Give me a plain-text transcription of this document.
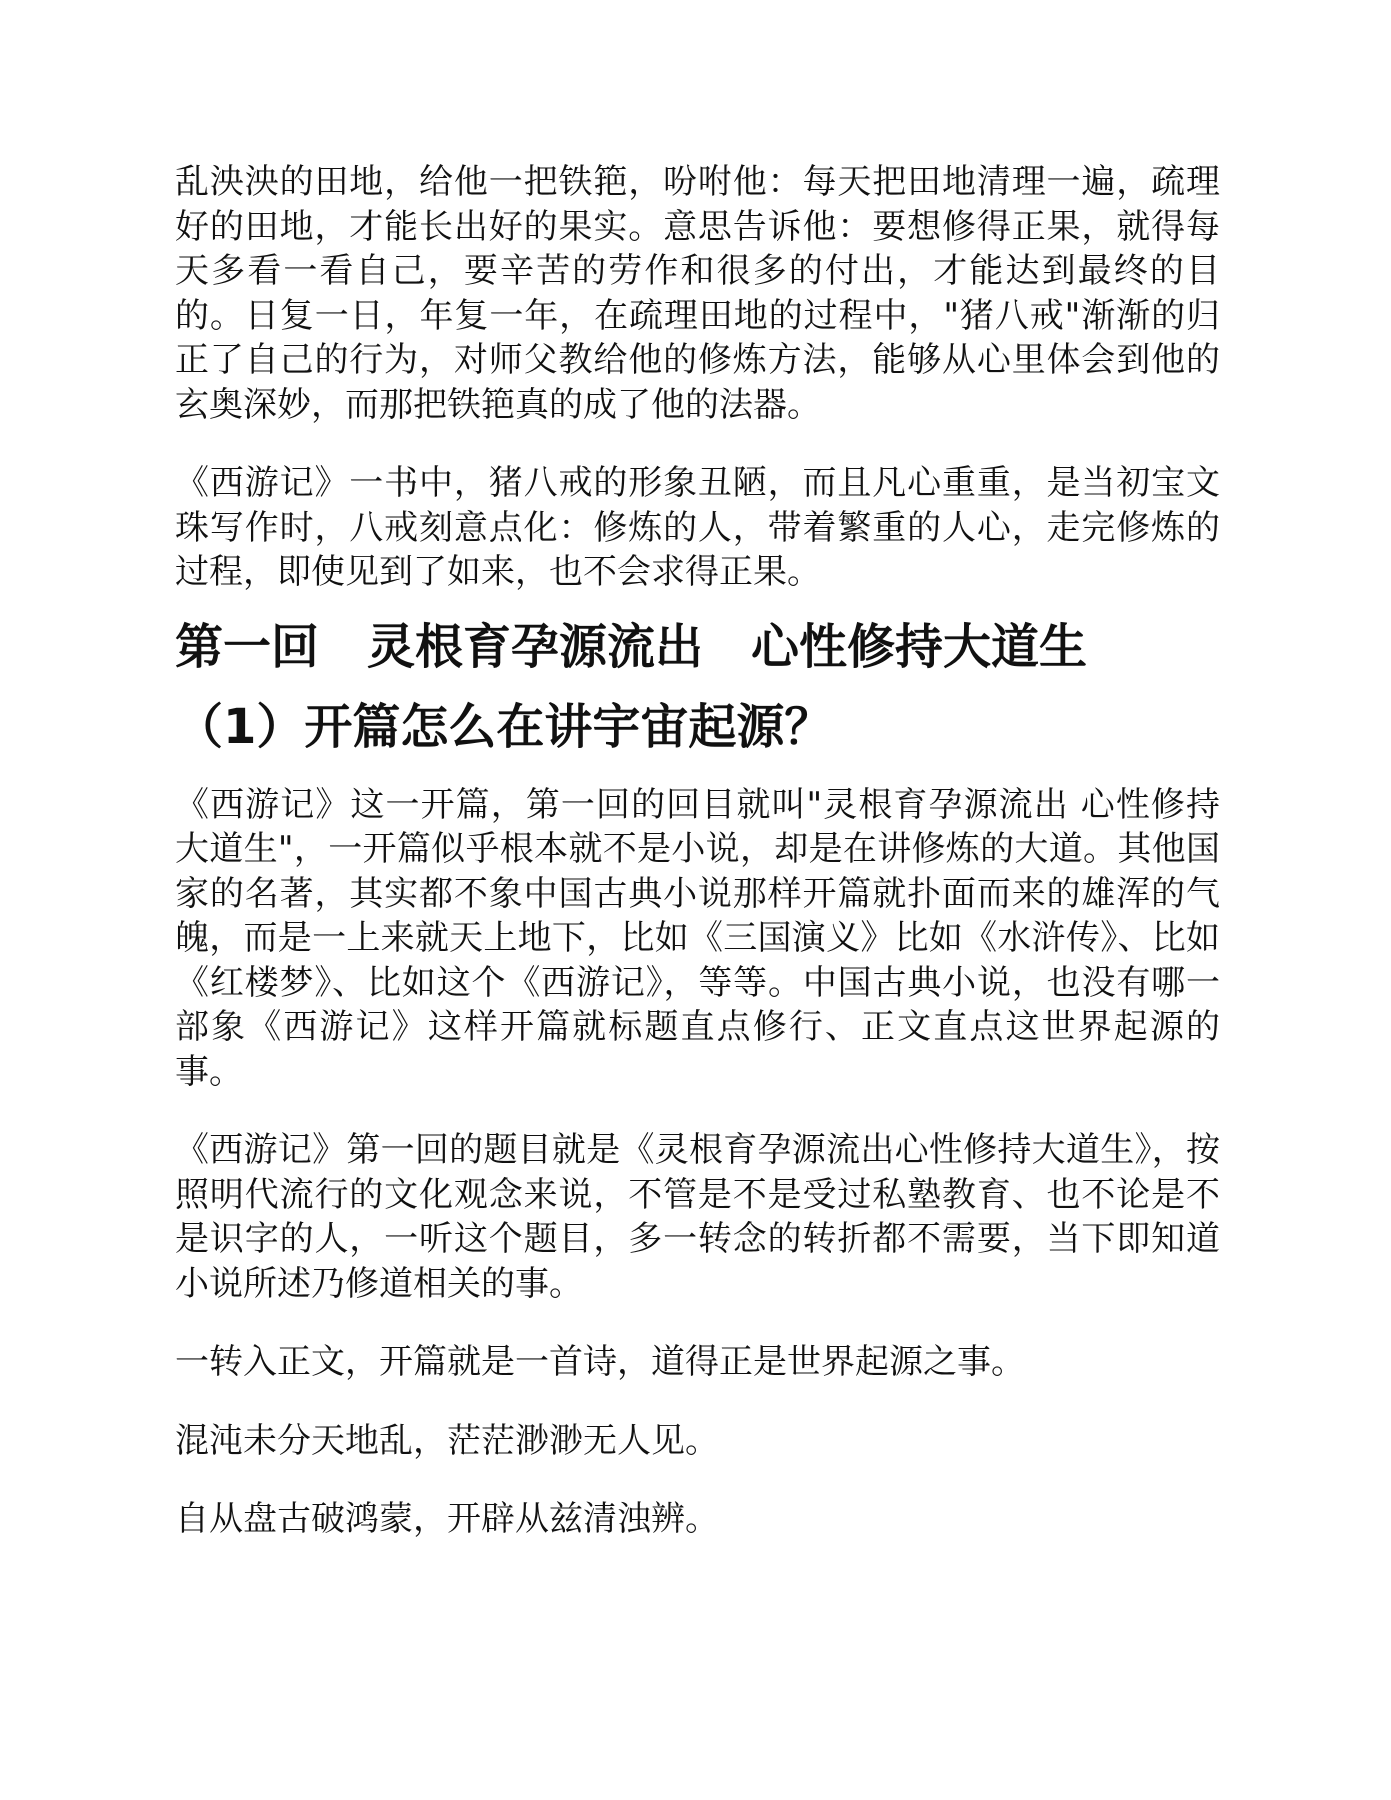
乱泱泱的田地，给他一把铁筢，吩咐他：每天把田地清理一遍，疏理好的田地，才能长出好的果实。意思告诉他：要想修得正果，就得每天多看一看自己，要辛苦的劳作和很多的付出，才能达到最终的目的。日复一日，年复一年，在疏理田地的过程中，"猪八戒"渐渐的归正了自己的行为，对师父教给他的修炼方法，能够从心里体会到他的玄奥深妙，而那把铁筢真的成了他的法器。

《西游记》一书中，猪八戒的形象丑陋，而且凡心重重，是当初宝文珠写作时，八戒刻意点化：修炼的人，带着繁重的人心，走完修炼的过程，即使见到了如来，也不会求得正果。

第一回　灵根育孕源流出　心性修持大道生
（1）开篇怎么在讲宇宙起源？

《西游记》这一开篇，第一回的回目就叫"灵根育孕源流出 心性修持大道生"，一开篇似乎根本就不是小说，却是在讲修炼的大道。其他国家的名著，其实都不象中国古典小说那样开篇就扑面而来的雄浑的气魄，而是一上来就天上地下，比如《三国演义》比如《水浒传》、比如《红楼梦》、比如这个《西游记》，等等。中国古典小说，也没有哪一部象《西游记》这样开篇就标题直点修行、正文直点这世界起源的事。

《西游记》第一回的题目就是《灵根育孕源流出心性修持大道生》，按照明代流行的文化观念来说，不管是不是受过私塾教育、也不论是不是识字的人，一听这个题目，多一转念的转折都不需要，当下即知道小说所述乃修道相关的事。

一转入正文，开篇就是一首诗，道得正是世界起源之事。

混沌未分天地乱，茫茫渺渺无人见。

自从盘古破鸿蒙，开辟从兹清浊辨。
